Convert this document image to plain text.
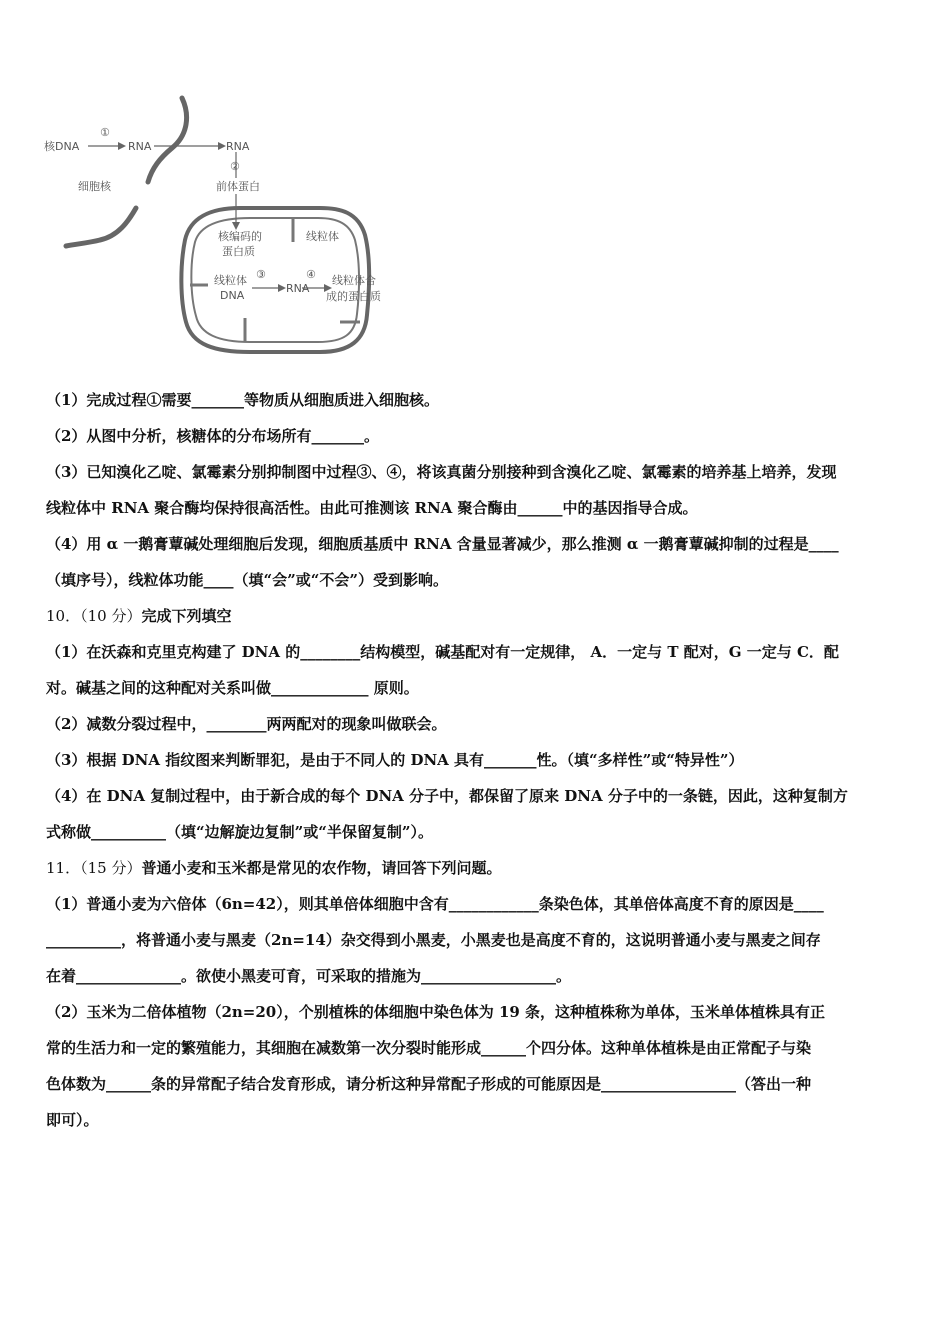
核DNA
①
RNA	RNA
②
前体蛋白
细胞核
核编码的
蛋白质
线粒体
线粒体
DNA
③
RNA
④ 线粒体合
成的蛋白质
（1）完成过程①需要_______等物质从细胞质进入细胞核。
（2）从图中分析，核糖体的分布场所有_______。
（3）已知溴化乙啶、氯霉素分别抑制图中过程③、④，将该真菌分别接种到含溴化乙啶、氯霉素的培养基上培养，发现
线粒体中 RNA 聚合酶均保持很高活性。由此可推测该 RNA 聚合酶由______中的基因指导合成。
（4）用 α 一鹅膏蕈碱处理细胞后发现，细胞质基质中 RNA 含量显著减少，那么推测 α 一鹅膏蕈碱抑制的过程是____
（填序号），线粒体功能____（填“会”或“不会”）受到影响。
10．（10 分）完成下列填空
（1）在沃森和克里克构建了 DNA 的________结构模型，碱基配对有一定规律， A．一定与 T 配对，G 一定与 C．配
对。碱基之间的这种配对关系叫做_____________ 原则。
（2）减数分裂过程中，________两两配对的现象叫做联会。
（3）根据 DNA 指纹图来判断罪犯，是由于不同人的 DNA 具有_______性。（填“多样性”或“特异性”）
（4）在 DNA 复制过程中，由于新合成的每个 DNA 分子中，都保留了原来 DNA 分子中的一条链，因此，这种复制方
式称做__________（填“边解旋边复制”或“半保留复制”）。
11．（15 分）普通小麦和玉米都是常见的农作物，请回答下列问题。
（1）普通小麦为六倍体（6n=42），则其单倍体细胞中含有____________条染色体，其单倍体高度不育的原因是____
__________，将普通小麦与黑麦（2n=14）杂交得到小黑麦，小黑麦也是高度不育的，这说明普通小麦与黑麦之间存
在着______________。欲使小黑麦可育，可采取的措施为__________________。
（2）玉米为二倍体植物（2n=20），个别植株的体细胞中染色体为 19 条，这种植株称为单体，玉米单体植株具有正
常的生活力和一定的繁殖能力，其细胞在减数第一次分裂时能形成______个四分体。这种单体植株是由正常配子与染
色体数为______条的异常配子结合发育形成，请分析这种异常配子形成的可能原因是__________________（答出一种
即可）。
